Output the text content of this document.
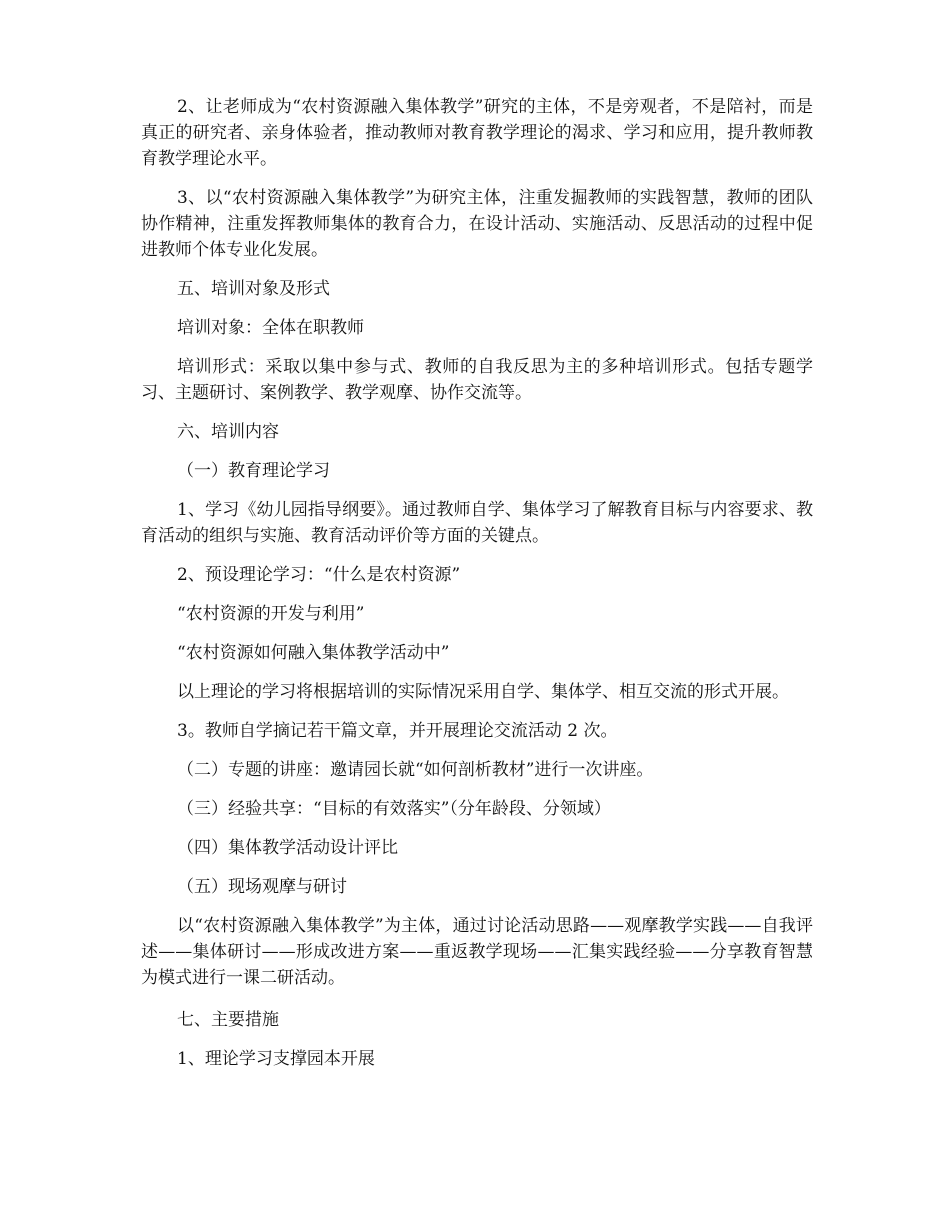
2、让老师成为“农村资源融入集体教学”研究的主体，不是旁观者，不是陪衬，而是真正的研究者、亲身体验者，推动教师对教育教学理论的渴求、学习和应用，提升教师教育教学理论水平。

3、以“农村资源融入集体教学”为研究主体，注重发掘教师的实践智慧，教师的团队协作精神，注重发挥教师集体的教育合力，在设计活动、实施活动、反思活动的过程中促进教师个体专业化发展。

五、培训对象及形式

培训对象：全体在职教师

培训形式：采取以集中参与式、教师的自我反思为主的多种培训形式。包括专题学习、主题研讨、案例教学、教学观摩、协作交流等。

六、培训内容

（一）教育理论学习

1、学习《幼儿园指导纲要》。通过教师自学、集体学习了解教育目标与内容要求、教育活动的组织与实施、教育活动评价等方面的关键点。

2、预设理论学习：“什么是农村资源”

“农村资源的开发与利用”

“农村资源如何融入集体教学活动中”

以上理论的学习将根据培训的实际情况采用自学、集体学、相互交流的形式开展。

3。教师自学摘记若干篇文章，并开展理论交流活动 2 次。

（二）专题的讲座：邀请园长就“如何剖析教材”进行一次讲座。

（三）经验共享：“目标的有效落实”（分年龄段、分领域）

（四）集体教学活动设计评比

（五）现场观摩与研讨

以“农村资源融入集体教学”为主体，通过讨论活动思路——观摩教学实践——自我评述——集体研讨——形成改进方案——重返教学现场——汇集实践经验——分享教育智慧为模式进行一课二研活动。

七、主要措施

1、理论学习支撑园本开展
